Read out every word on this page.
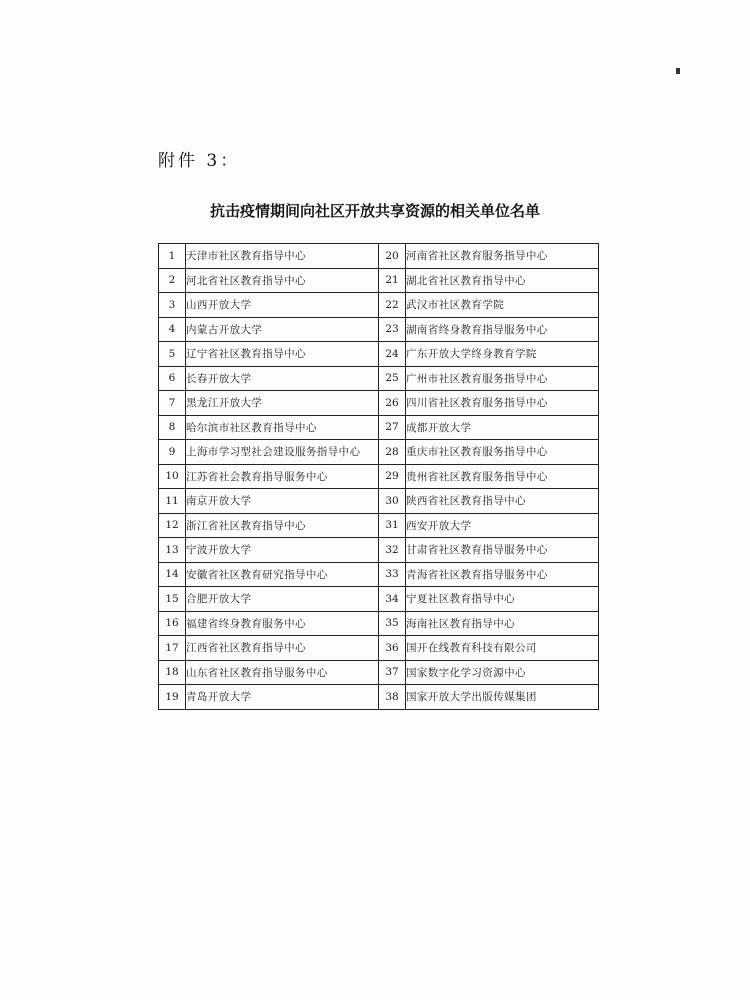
附件 3：
抗击疫情期间向社区开放共享资源的相关单位名单
1	天津市社区教育指导中心	20	河南省社区教育服务指导中心
2	河北省社区教育指导中心	21	湖北省社区教育指导中心
3	山西开放大学	22	武汉市社区教育学院
4	内蒙古开放大学	23	湖南省终身教育指导服务中心
5	辽宁省社区教育指导中心	24	广东开放大学终身教育学院
6	长春开放大学	25	广州市社区教育服务指导中心
7	黑龙江开放大学	26	四川省社区教育服务指导中心
8	哈尔滨市社区教育指导中心	27	成都开放大学
9	上海市学习型社会建设服务指导中心	28	重庆市社区教育服务指导中心
10	江苏省社会教育指导服务中心	29	贵州省社区教育服务指导中心
11	南京开放大学	30	陕西省社区教育指导中心
12	浙江省社区教育指导中心	31	西安开放大学
13	宁波开放大学	32	甘肃省社区教育指导服务中心
14	安徽省社区教育研究指导中心	33	青海省社区教育指导服务中心
15	合肥开放大学	34	宁夏社区教育指导中心
16	福建省终身教育服务中心	35	海南社区教育指导中心
17	江西省社区教育指导中心	36	国开在线教育科技有限公司
18	山东省社区教育指导服务中心	37	国家数字化学习资源中心
19	青岛开放大学	38	国家开放大学出版传媒集团
